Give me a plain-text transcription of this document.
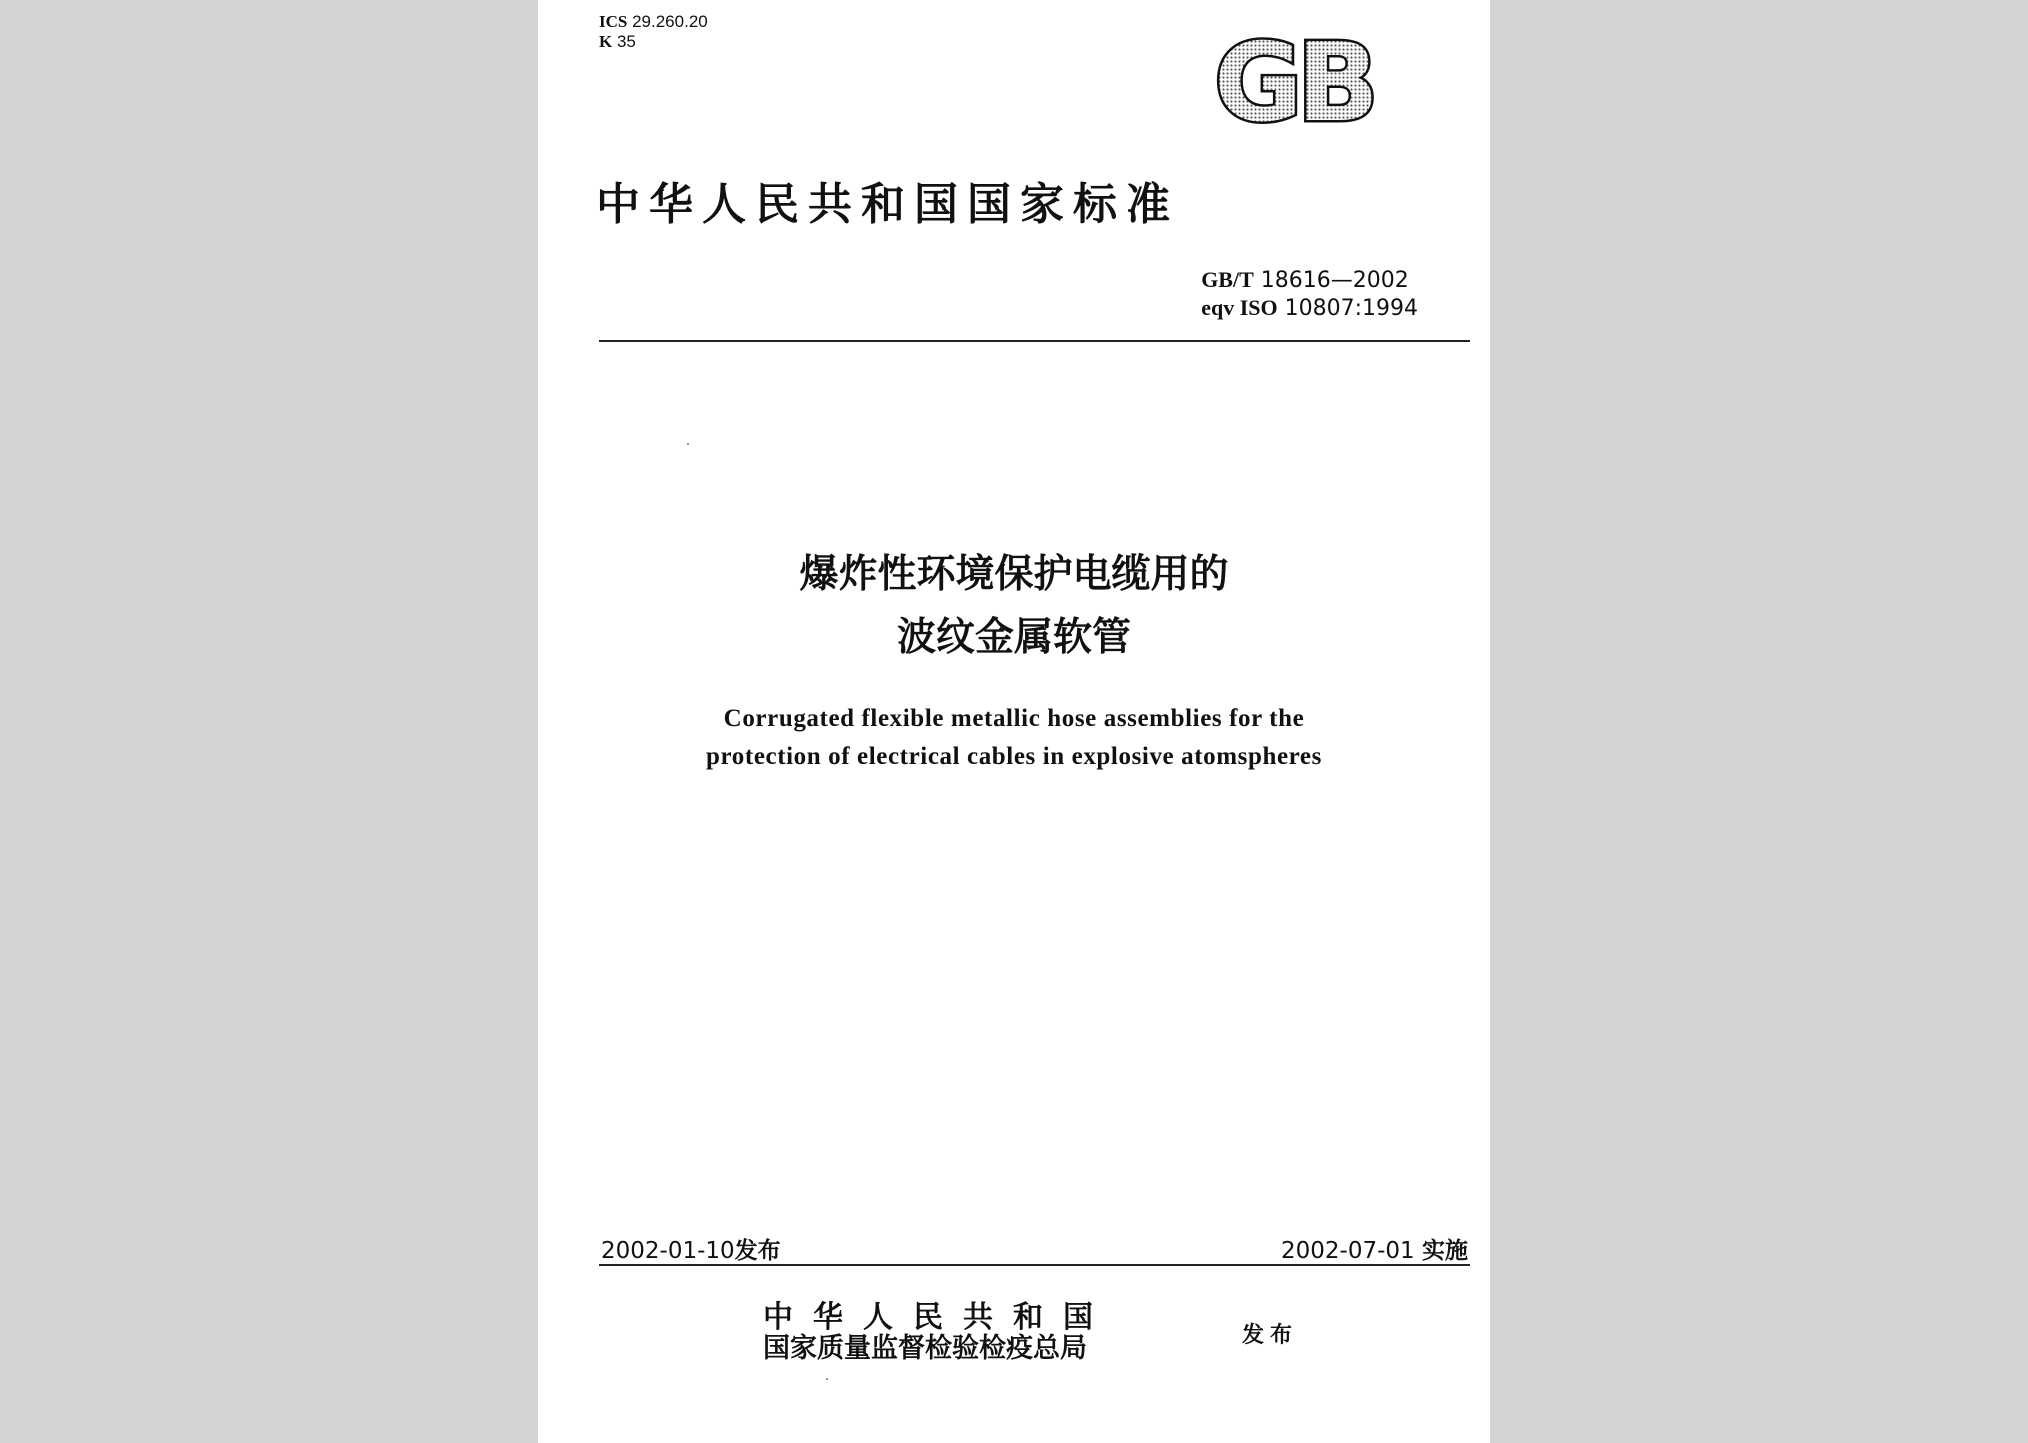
ICS 29.260.20
K 35	GB
中华人民共和国国家标准
GB/T 18616—2002
eqv ISO 10807:1994
爆炸性环境保护电缆用的
波纹金属软管
Corrugated flexible metallic hose assemblies for the
protection of electrical cables in explosive atomspheres
2002-01-10发布	2002-07-01 实施
中华人民共和国
国家质量监督检验检疫总局	发布
